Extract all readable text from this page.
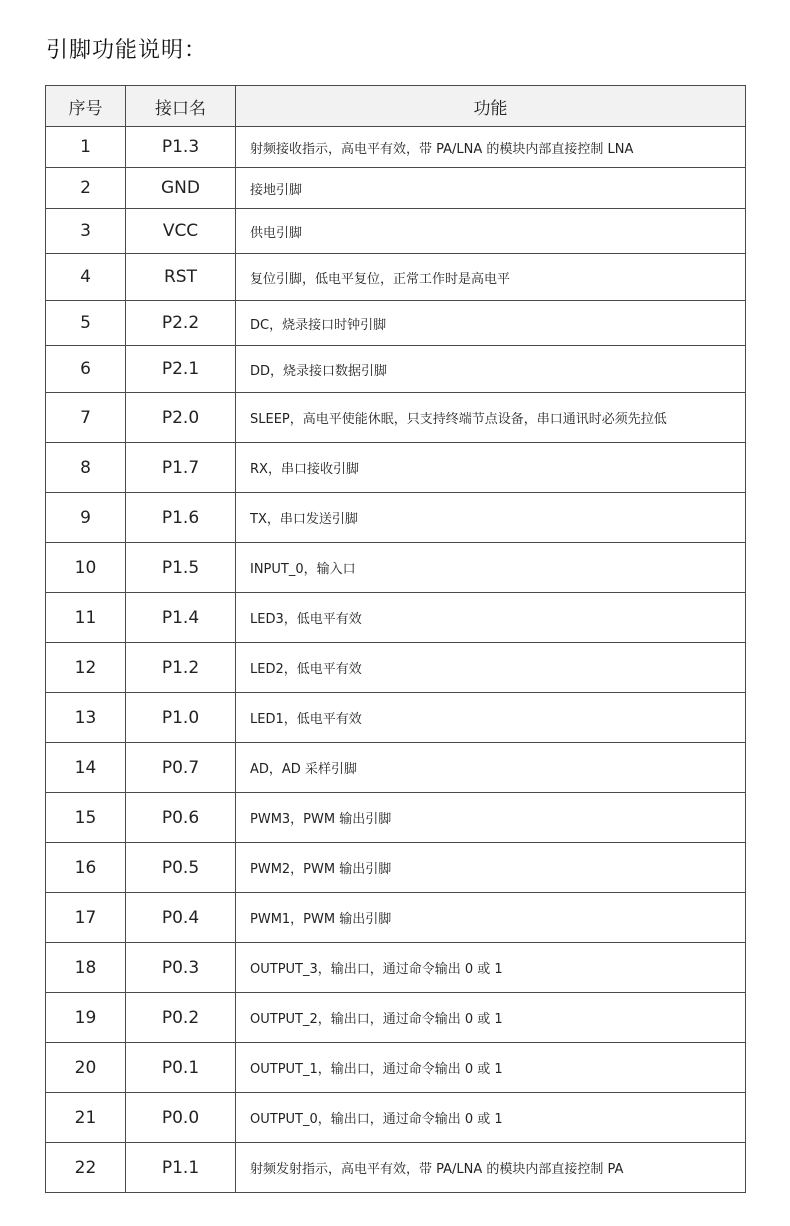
引脚功能说明：
序号	接口名	功能
1	P1.3	射频接收指示，高电平有效，带 PA/LNA 的模块内部直接控制 LNA
2	GND	接地引脚
3	VCC	供电引脚
4	RST	复位引脚，低电平复位，正常工作时是高电平
5	P2.2	DC，烧录接口时钟引脚
6	P2.1	DD，烧录接口数据引脚
7	P2.0	SLEEP，高电平使能休眠，只支持终端节点设备，串口通讯时必须先拉低
8	P1.7	RX，串口接收引脚
9	P1.6	TX，串口发送引脚
10	P1.5	INPUT_0，输入口
11	P1.4	LED3，低电平有效
12	P1.2	LED2，低电平有效
13	P1.0	LED1，低电平有效
14	P0.7	AD，AD 采样引脚
15	P0.6	PWM3，PWM 输出引脚
16	P0.5	PWM2，PWM 输出引脚
17	P0.4	PWM1，PWM 输出引脚
18	P0.3	OUTPUT_3，输出口，通过命令输出 0 或 1
19	P0.2	OUTPUT_2，输出口，通过命令输出 0 或 1
20	P0.1	OUTPUT_1，输出口，通过命令输出 0 或 1
21	P0.0	OUTPUT_0，输出口，通过命令输出 0 或 1
22	P1.1	射频发射指示，高电平有效，带 PA/LNA 的模块内部直接控制 PA
